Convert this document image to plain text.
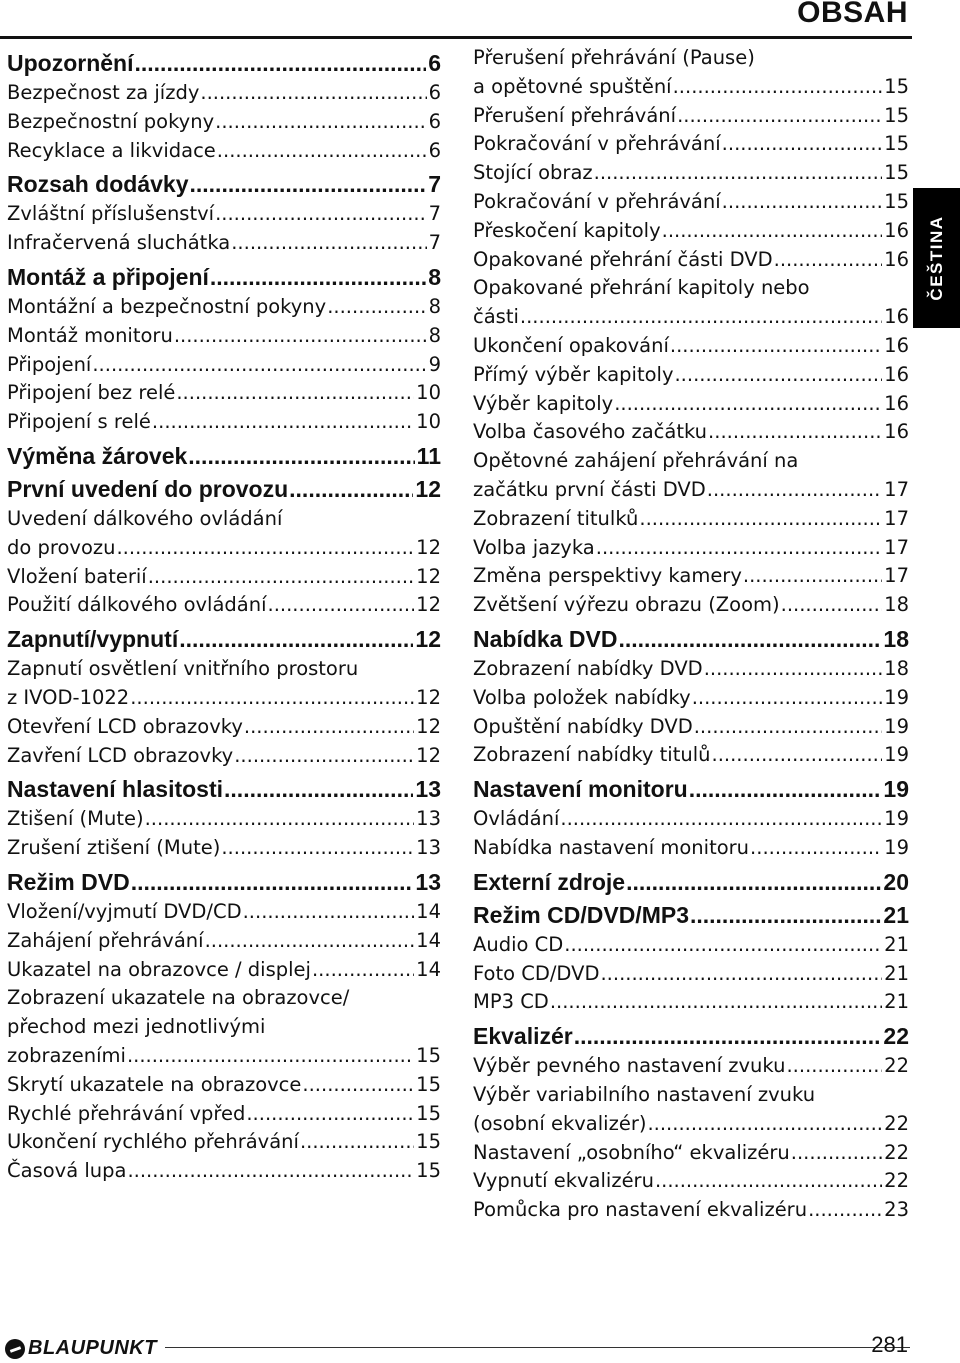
OBSAH
Upozornění .....	6
Bezpečnost za jízdy .....	6
Bezpečnostní pokyny .....	6
Recyklace a likvidace .....	6
Rozsah dodávky .....	7
Zvláštní příslušenství .....	7
Infračervená sluchátka .....	7
Montáž a připojení .....	8
Montážní a bezpečnostní pokyny .....	8
Montáž monitoru .....	8
Připojení .....	9
Připojení bez relé .....	10
Připojení s relé .....	10
Výměna žárovek .....	11
První uvedení do provozu .....	12
Uvedení dálkového ovládání
do provozu .....	12
Vložení baterií .....	12
Použití dálkového ovládání .....	12
Zapnutí/vypnutí .....	12
Zapnutí osvětlení vnitřního prostoru
z IVOD-1022 .....	12
Otevření LCD obrazovky .....	12
Zavření LCD obrazovky .....	12
Nastavení hlasitosti .....	13
Ztišení (Mute) .....	13
Zrušení ztišení (Mute) .....	13
Režim DVD .....	13
Vložení/vyjmutí DVD/CD .....	14
Zahájení přehrávání .....	14
Ukazatel na obrazovce / displej .....	14
Zobrazení ukazatele na obrazovce/
přechod mezi jednotlivými
zobrazeními .....	15
Skrytí ukazatele na obrazovce .....	15
Rychlé přehrávání vpřed .....	15
Ukončení rychlého přehrávání .....	15
Časová lupa .....	15
Přerušení přehrávání (Pause)
a opětovné spuštění .....	15
Přerušení přehrávání .....	15
Pokračování v přehrávání .....	15
Stojící obraz .....	15
Pokračování v přehrávání .....	15
Přeskočení kapitoly .....	16
Opakované přehrání části DVD .....	16
Opakované přehrání kapitoly nebo
části .....	16
Ukončení opakování .....	16
Přímý výběr kapitoly .....	16
Výběr kapitoly .....	16
Volba časového začátku .....	16
Opětovné zahájení přehrávání na
začátku první části DVD .....	17
Zobrazení titulků .....	17
Volba jazyka .....	17
Změna perspektivy kamery .....	17
Zvětšení výřezu obrazu (Zoom) .....	18
Nabídka DVD .....	18
Zobrazení nabídky DVD .....	18
Volba položek nabídky .....	19
Opuštění nabídky DVD .....	19
Zobrazení nabídky titulů .....	19
Nastavení monitoru .....	19
Ovládání .....	19
Nabídka nastavení monitoru .....	19
Externí zdroje .....	20
Režim CD/DVD/MP3 .....	21
Audio CD .....	21
Foto CD/DVD .....	21
MP3 CD .....	21
Ekvalizér .....	22
Výběr pevného nastavení zvuku .....	22
Výběr variabilního nastavení zvuku
(osobní ekvalizér) .....	22
Nastavení „osobního“ ekvalizéru .....	22
Vypnutí ekvalizéru .....	22
Pomůcka pro nastavení ekvalizéru .....	23
ČEŠTINA
BLAUPUNKT	281
